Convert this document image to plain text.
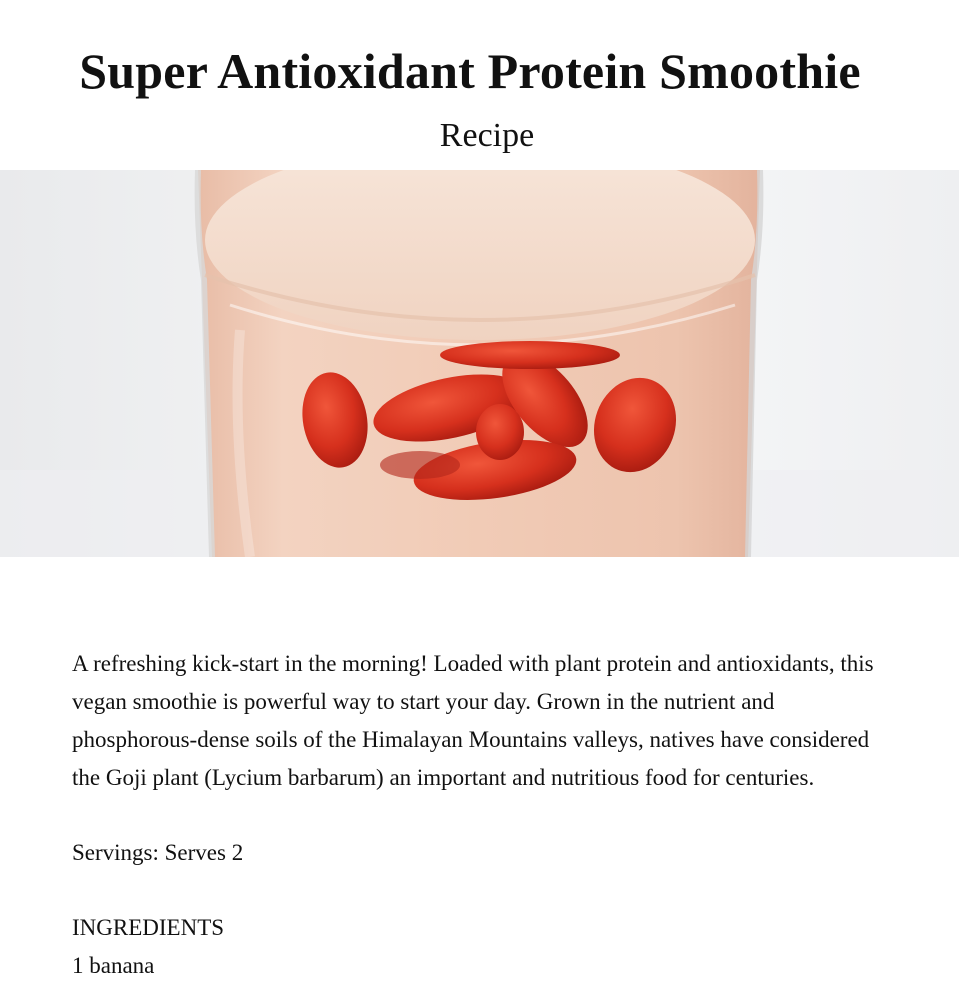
Super Antioxidant Protein Smoothie
Recipe

A refreshing kick-start in the morning! Loaded with plant protein and antioxidants, this vegan smoothie is powerful way to start your day. Grown in the nutrient and phosphorous-dense soils of the Himalayan Mountains valleys, natives have considered the Goji plant (Lycium barbarum) an important and nutritious food for centuries.

Servings: Serves 2

INGREDIENTS
1 banana
